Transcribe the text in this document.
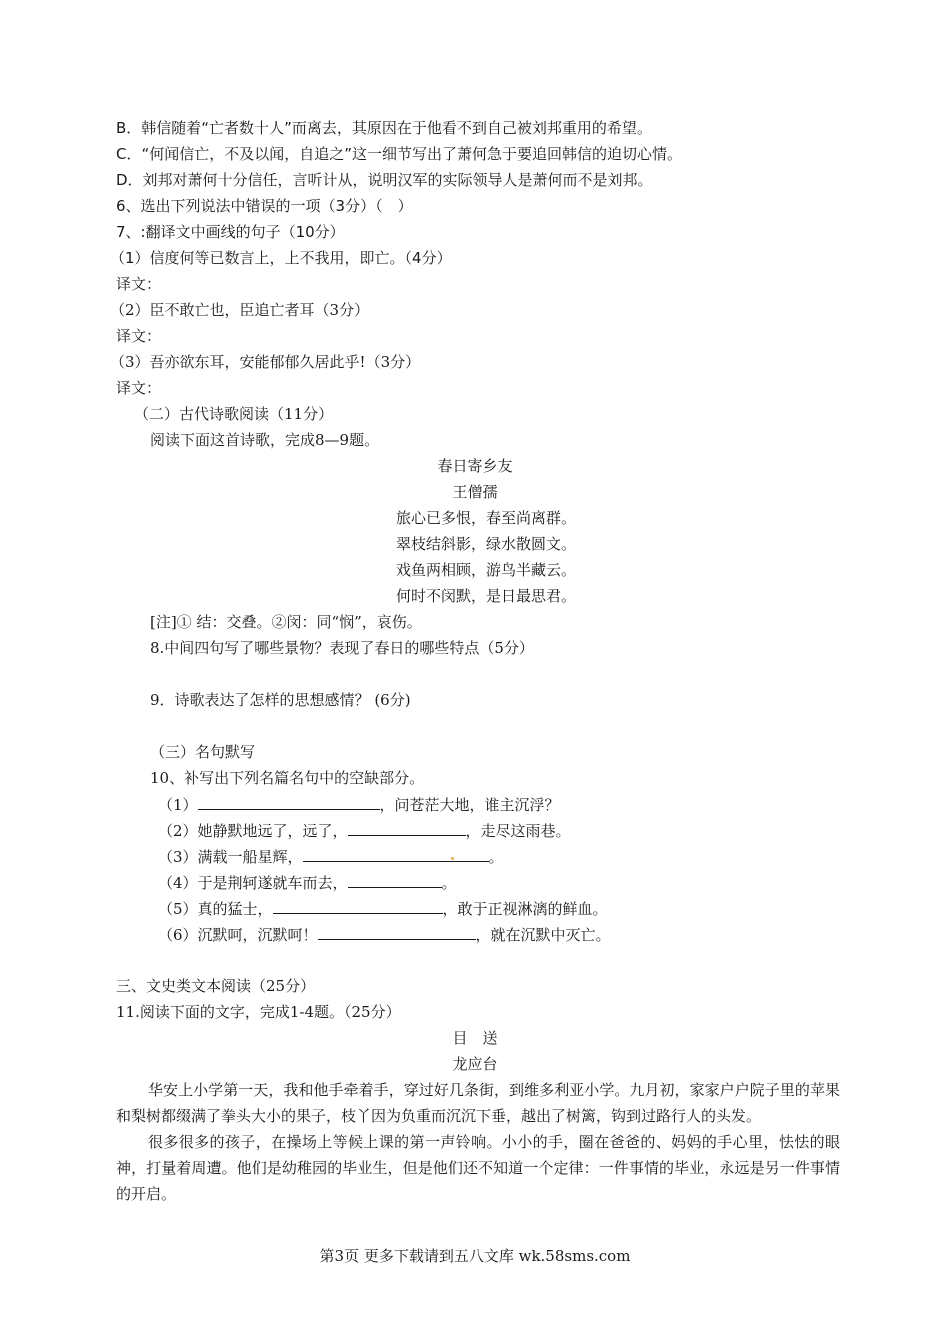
B．韩信随着“亡者数十人”而离去，其原因在于他看不到自己被刘邦重用的希望。
C．“何闻信亡，不及以闻，自追之”这一细节写出了萧何急于要追回韩信的迫切心情。
D．刘邦对萧何十分信任，言听计从，说明汉军的实际领导人是萧何而不是刘邦。
6、选出下列说法中错误的一项（3分）（　）
7、:翻译文中画线的句子（10分）
（1）信度何等已数言上，上不我用，即亡。（4分）
译文：
（2）臣不敢亡也，臣追亡者耳（3分）
译文：
（3）吾亦欲东耳，安能郁郁久居此乎!（3分）
译文：
（二）古代诗歌阅读（11分）
阅读下面这首诗歌，完成8—9题。
春日寄乡友
王僧孺
旅心已多恨，春至尚离群。
翠枝结斜影，绿水散圆文。
戏鱼两相顾，游鸟半藏云。
何时不闵默，是日最思君。
[注]① 结：交叠。②闵：同“悯”，哀伤。
8.中间四句写了哪些景物？表现了春日的哪些特点（5分）
9．诗歌表达了怎样的思想感情？ (6分)
（三）名句默写
10、补写出下列名篇名句中的空缺部分。
（1）	，问苍茫大地，谁主沉浮？
（2）她静默地远了，远了，	，走尽这雨巷。
（3）满载一船星辉，	。
（4）于是荆轲遂就车而去，	。
（5）真的猛士，	，敢于正视淋漓的鲜血。
（6）沉默呵，沉默呵！	，就在沉默中灭亡。
三、文史类文本阅读（25分）
11.阅读下面的文字，完成1-4题。（25分）
目　送
龙应台

华安上小学第一天，我和他手牵着手，穿过好几条街，到维多利亚小学。九月初，家家户户院子里的苹果和梨树都缀满了拳头大小的果子，枝丫因为负重而沉沉下垂，越出了树篱，钩到过路行人的头发。

很多很多的孩子，在操场上等候上课的第一声铃响。小小的手，圈在爸爸的、妈妈的手心里，怯怯的眼神，打量着周遭。他们是幼稚园的毕业生，但是他们还不知道一个定律：一件事情的毕业，永远是另一件事情的开启。

第3页 更多下载请到五八文库 wk.58sms.com
